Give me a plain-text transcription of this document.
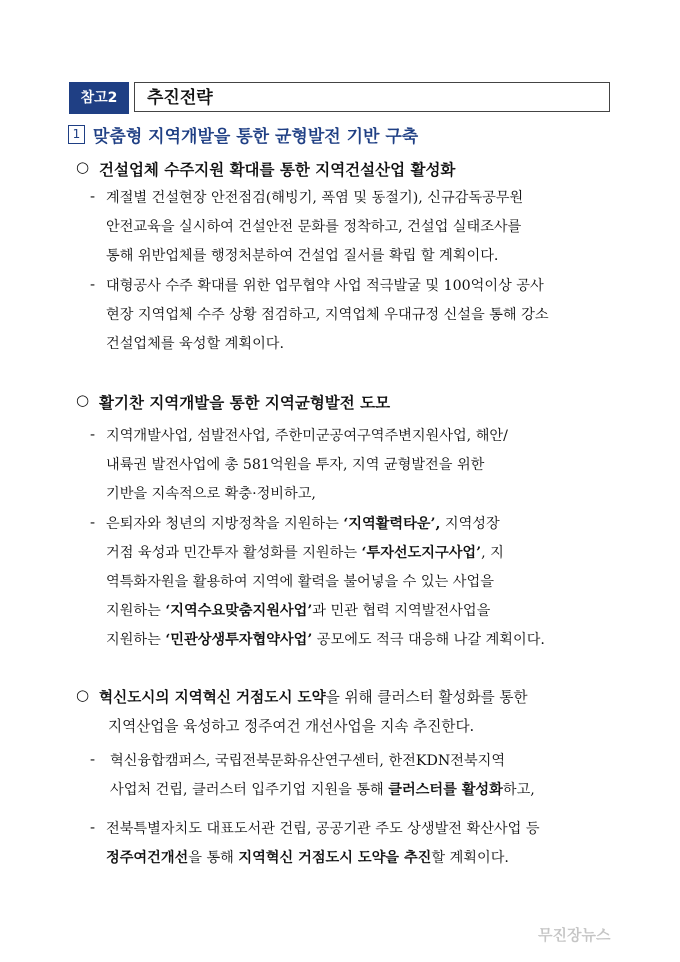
참고2	추진전략
1 맞춤형 지역개발을 통한 균형발전 기반 구축
○ 건설업체 수주지원 확대를 통한 지역건설산업 활성화
- 계절별 건설현장 안전점검(해빙기, 폭염 및 동절기), 신규감독공무원
안전교육을 실시하여 건설안전 문화를 정착하고, 건설업 실태조사를
통해 위반업체를 행정처분하여 건설업 질서를 확립 할 계획이다.
- 대형공사 수주 확대를 위한 업무협약 사업 적극발굴 및 100억이상 공사
현장 지역업체 수주 상황 점검하고, 지역업체 우대규정 신설을 통해 강소
건설업체를 육성할 계획이다.
○ 활기찬 지역개발을 통한 지역균형발전 도모
- 지역개발사업, 섬발전사업, 주한미군공여구역주변지원사업, 해안/
내륙권 발전사업에 총 581억원을 투자, 지역 균형발전을 위한
기반을 지속적으로 확충·정비하고,
- 은퇴자와 청년의 지방정착을 지원하는 ‘지역활력타운’, 지역성장
거점 육성과 민간투자 활성화를 지원하는 ‘투자선도지구사업’, 지
역특화자원을 활용하여 지역에 활력을 불어넣을 수 있는 사업을
지원하는 ‘지역수요맞춤지원사업’과 민관 협력 지역발전사업을
지원하는 ‘민관상생투자협약사업’ 공모에도 적극 대응해 나갈 계획이다.
○ 혁신도시의 지역혁신 거점도시 도약을 위해 클러스터 활성화를 통한
지역산업을 육성하고 정주여건 개선사업을 지속 추진한다.
- 혁신융합캠퍼스, 국립전북문화유산연구센터, 한전KDN전북지역
사업처 건립, 클러스터 입주기업 지원을 통해 클러스터를 활성화하고,
- 전북특별자치도 대표도서관 건립, 공공기관 주도 상생발전 확산사업 등
정주여건개선을 통해 지역혁신 거점도시 도약을 추진할 계획이다.
무진장뉴스
